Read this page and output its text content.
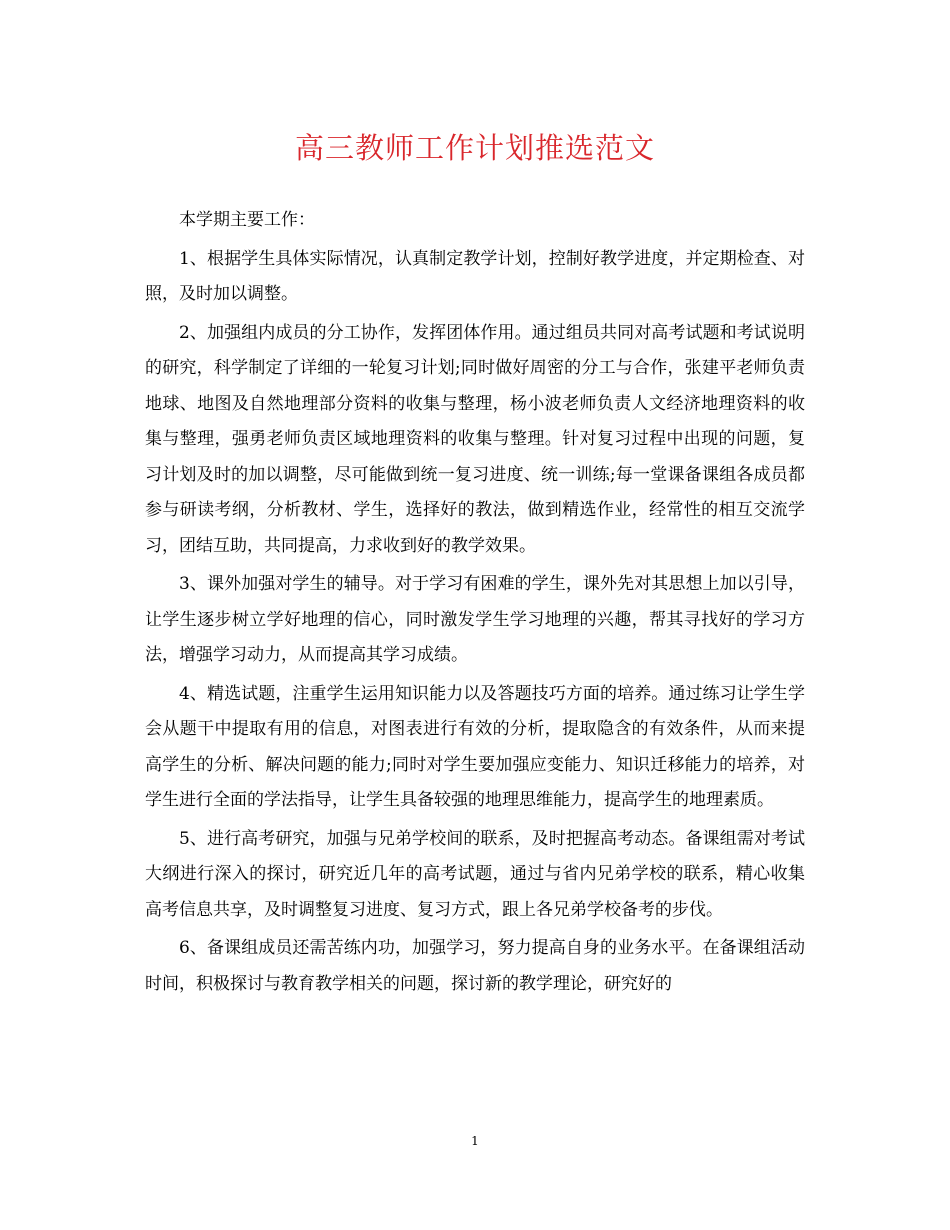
高三教师工作计划推选范文

本学期主要工作：

1、根据学生具体实际情况，认真制定教学计划，控制好教学进度，并定期检查、对照，及时加以调整。

2、加强组内成员的分工协作，发挥团体作用。通过组员共同对高考试题和考试说明的研究，科学制定了详细的一轮复习计划;同时做好周密的分工与合作，张建平老师负责地球、地图及自然地理部分资料的收集与整理，杨小波老师负责人文经济地理资料的收集与整理，强勇老师负责区域地理资料的收集与整理。针对复习过程中出现的问题，复习计划及时的加以调整，尽可能做到统一复习进度、统一训练;每一堂课备课组各成员都参与研读考纲，分析教材、学生，选择好的教法，做到精选作业，经常性的相互交流学习，团结互助，共同提高，力求收到好的教学效果。

3、课外加强对学生的辅导。对于学习有困难的学生，课外先对其思想上加以引导，让学生逐步树立学好地理的信心，同时激发学生学习地理的兴趣，帮其寻找好的学习方法，增强学习动力，从而提高其学习成绩。

4、精选试题，注重学生运用知识能力以及答题技巧方面的培养。通过练习让学生学会从题干中提取有用的信息，对图表进行有效的分析，提取隐含的有效条件，从而来提高学生的分析、解决问题的能力;同时对学生要加强应变能力、知识迁移能力的培养，对学生进行全面的学法指导，让学生具备较强的地理思维能力，提高学生的地理素质。

5、进行高考研究，加强与兄弟学校间的联系，及时把握高考动态。备课组需对考试大纲进行深入的探讨，研究近几年的高考试题，通过与省内兄弟学校的联系，精心收集高考信息共享，及时调整复习进度、复习方式，跟上各兄弟学校备考的步伐。

6、备课组成员还需苦练内功，加强学习，努力提高自身的业务水平。在备课组活动时间，积极探讨与教育教学相关的问题，探讨新的教学理论，研究好的

1
